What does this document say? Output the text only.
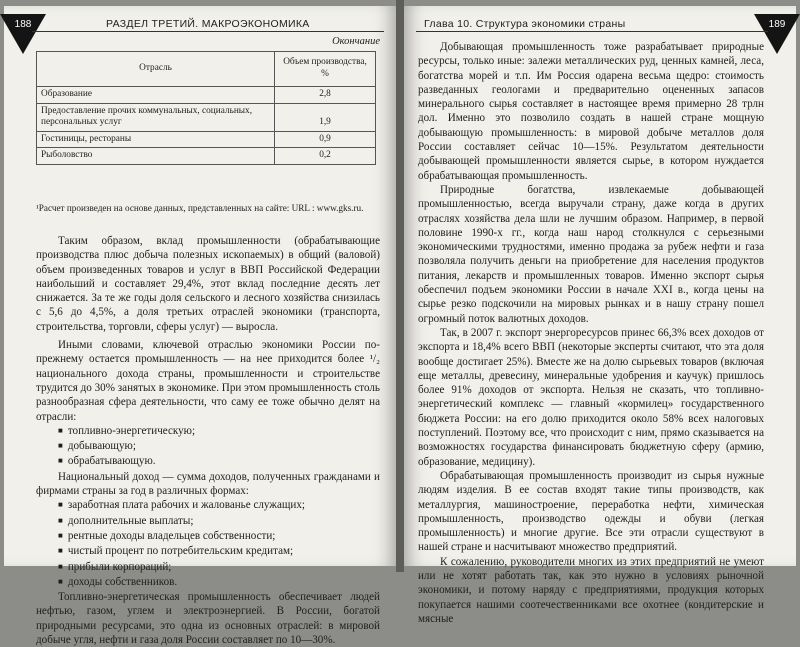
188	РАЗДЕЛ ТРЕТИЙ. МАКРОЭКОНОМИКА
Окончание
Отрасль	Объем производства, %
Образование	2,8
Предоставление прочих коммунальных, социальных, персональных услуг	1,9
Гостиницы, рестораны	0,9
Рыболовство	0,2
¹Расчет произведен на основе данных, представленных на сайте: URL : www.gks.ru.

Таким образом, вклад промышленности (обрабатывающие производства плюс добыча полезных ископаемых) в общий (валовой) объем произведенных товаров и услуг в ВВП Российской Федерации наибольший и составляет 29,4%, этот вклад последние десять лет снижается. За те же годы доля сельского и лесного хозяйства снизилась с 5,6 до 4,5%, а доля третьих отраслей экономики (транспорта, строительства, торговли, сферы услуг) — выросла.

Иными словами, ключевой отраслью экономики России по-прежнему остается промышленность — на нее приходится более ¹/₂ национального дохода страны, промышленности и строительстве трудится до 30% занятых в экономике. При этом промышленность столь разнообразная сфера деятельности, что саму ее тоже обычно делят на отрасли:

■ топливно-энергетическую;
■ добывающую;
■ обрабатывающую.

Национальный доход — сумма доходов, полученных гражданами и фирмами страны за год в различных формах:

■ заработная плата рабочих и жалованье служащих;
■ дополнительные выплаты;
■ рентные доходы владельцев собственности;
■ чистый процент по потребительским кредитам;
■ прибыли корпораций;
■ доходы собственников.

Топливно-энергетическая промышленность обеспечивает людей нефтью, газом, углем и электроэнергией. В России, богатой природными ресурсами, это одна из основных отраслей: в мировой добыче угля, нефти и газа доля России составляет по 10—30%.

189
Глава 10. Структура экономики страны

Добывающая промышленность тоже разрабатывает природные ресурсы, только иные: залежи металлических руд, ценных камней, леса, богатства морей и т.п. Им Россия одарена весьма щедро: стоимость разведанных геологами и предварительно оцененных запасов минерального сырья составляет в настоящее время примерно 28 трлн дол. Именно это позволило создать в нашей стране мощную добывающую промышленность: в мировой добыче металлов доля России составляет сейчас 10—15%. Результатом деятельности добывающей промышленности является сырье, в котором нуждается обрабатывающая промышленность.

Природные богатства, извлекаемые добывающей промышленностью, всегда выручали страну, даже когда в других отраслях хозяйства дела шли не лучшим образом. Например, в первой половине 1990-х гг., когда наш народ столкнулся с серьезными экономическими трудностями, именно продажа за рубеж нефти и газа позволяла получить деньги на приобретение для населения продуктов питания, лекарств и промышленных товаров. Именно экспорт сырья обеспечил подъем экономики России в начале XXI в., когда цены на сырье резко подскочили на мировых рынках и в нашу страну пошел огромный поток валютных доходов.

Так, в 2007 г. экспорт энергоресурсов принес 66,3% всех доходов от экспорта и 18,4% всего ВВП (некоторые эксперты считают, что эта доля вообще достигает 25%). Вместе же на долю сырьевых товаров (включая еще металлы, древесину, минеральные удобрения и каучук) пришлось более 91% доходов от экспорта. Нельзя не сказать, что топливно-энергетический комплекс — главный «кормилец» государственного бюджета России: на его долю приходится около 58% всех налоговых поступлений. Поэтому все, что происходит с ним, прямо сказывается на возможностях государства финансировать бюджетную сферу (армию, образование, медицину).

Обрабатывающая промышленность производит из сырья нужные людям изделия. В ее состав входят такие типы производств, как металлургия, машиностроение, переработка нефти, химическая промышленность, производство одежды и обуви (легкая промышленность) и многие другие. Все эти отрасли существуют в нашей стране и насчитывают множество предприятий.

К сожалению, руководители многих из этих предприятий не умеют или не хотят работать так, как это нужно в условиях рыночной экономики, и потому наряду с предприятиями, продукция которых покупается нашими соотечественниками все охотнее (кондитерские и мясные
